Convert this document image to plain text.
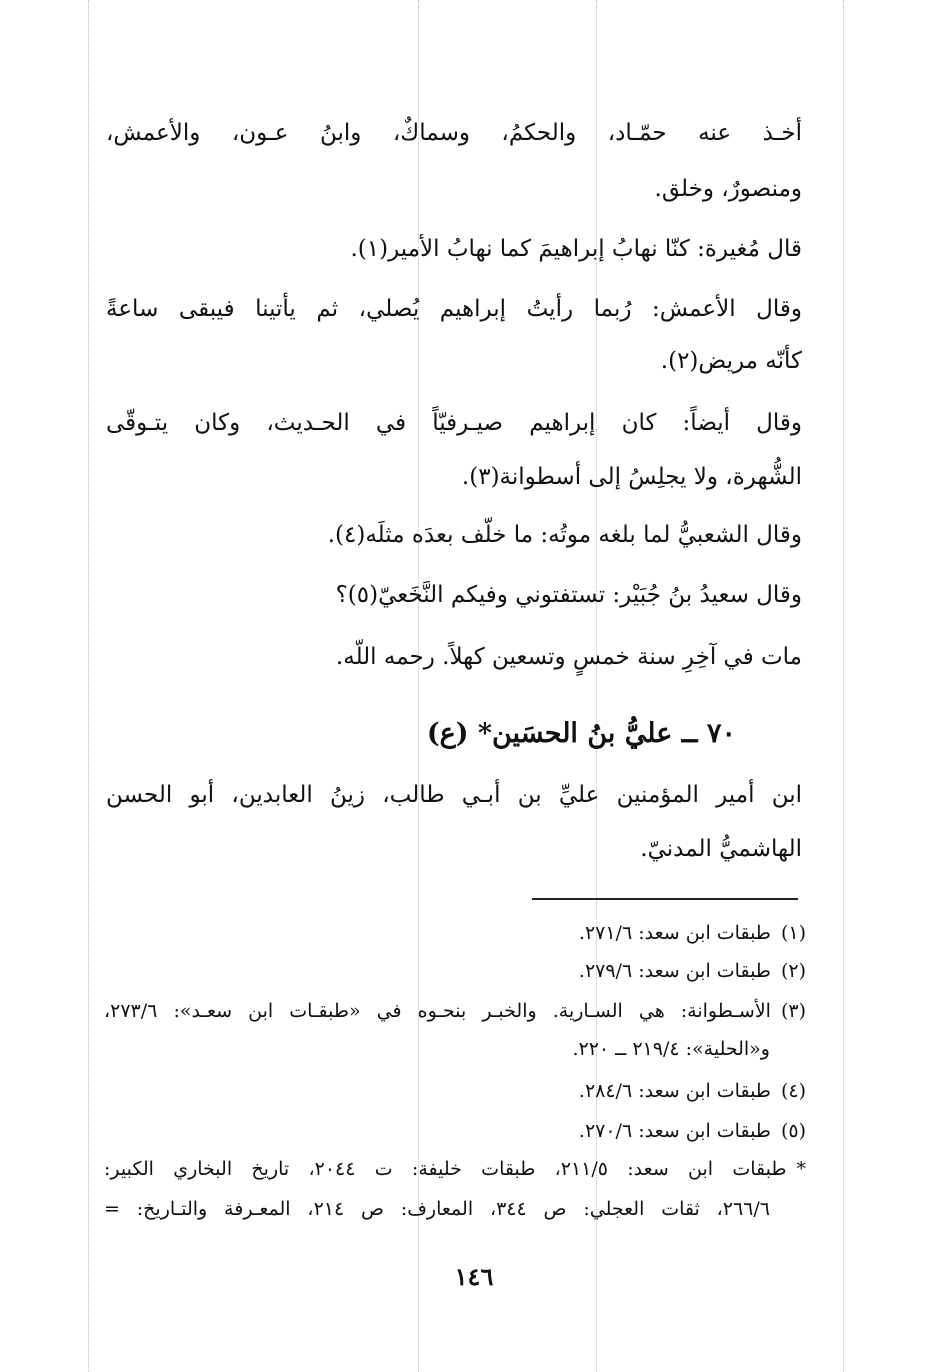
أخـذ عنه حمّـاد، والحكمُ، وسماكٌ، وابنُ عـون، والأعمش،
ومنصورٌ، وخلق.
قال مُغيرة: كنّا نهابُ إبراهيمَ كما نهابُ الأمير(١).
وقال الأعمش: رُبما رأيتُ إبراهيم يُصلي، ثم يأتينا فيبقى ساعةً
كأنّه مريض(٢).
وقال أيضاً: كان إبراهيم صيـرفيّاً في الحـديث، وكان يتـوقّى
الشُّهرة، ولا يجلِسُ إلى أسطوانة(٣).
وقال الشعبيُّ لما بلغه موتُه: ما خلّف بعدَه مثلَه(٤).
وقال سعيدُ بنُ جُبَيْر: تستفتوني وفيكم النَّخَعيّ(٥)؟
مات في آخِرِ سنة خمسٍ وتسعين كهلاً. رحمه اللّه.
٧٠ ــ عليُّ بنُ الحسَين* (ع)
ابن أمير المؤمنين عليِّ بن أبـي طالب، زينُ العابدين، أبو الحسن
الهاشميُّ المدنيّ.
(١)طبقات ابن سعد: ٢٧١/٦.
(٢)طبقات ابن سعد: ٢٧٩/٦.
(٣)الأسـطوانة: هي السـارية. والخبـر بنحـوه في «طبقـات ابن سعـد»: ٢٧٣/٦،
و«الحلية»: ٢١٩/٤ ــ ٢٢٠.
(٤)طبقات ابن سعد: ٢٨٤/٦.
(٥)طبقات ابن سعد: ٢٧٠/٦.
*طبقات ابن سعد: ٢١١/٥، طبقات خليفة: ت ٢٠٤٤، تاريخ البخاري الكبير:
٢٦٦/٦، ثقات العجلي: ص ٣٤٤، المعارف: ص ٢١٤، المعـرفة والتـاريخ: =
١٤٦
